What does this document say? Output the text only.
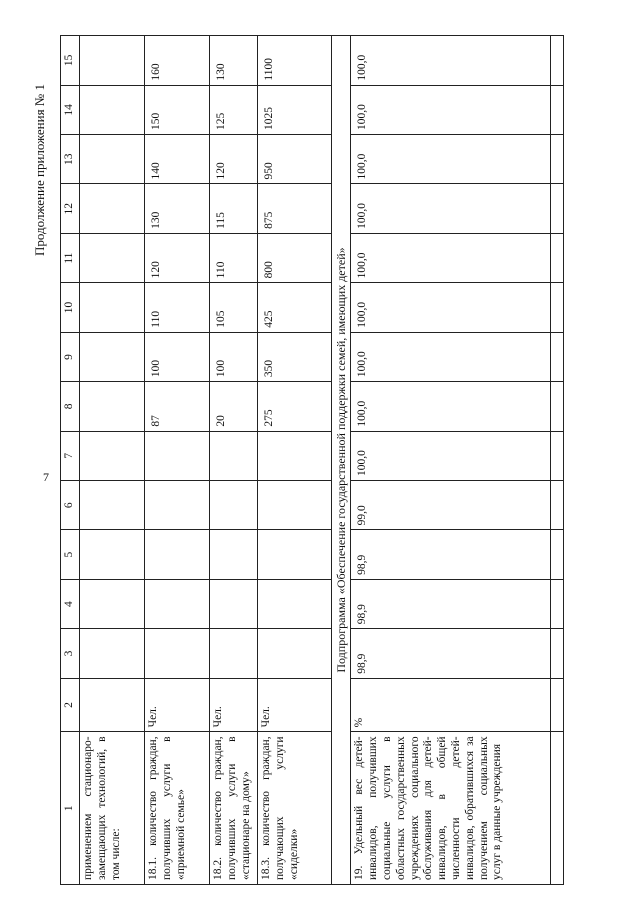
7
Продолжение приложения № 1
1	2	3	4	5	6	7	8	9	10	11	12	13	14	15
применением стационаро-замещающих технологий, в том числе:														
18.1. количество граждан, получивших услуги в «приемной семье»	Чел.						87	100	110	120	130	140	150	160
18.2. количество граждан, получивших услуги в «стационаре на дому»	Чел.						20	100	105	110	115	120	125	130
18.3. количество граждан, получающих услуги «сиделки»	Чел.						275	350	425	800	875	950	1025	1100
Подпрограмма «Обеспечение государственной поддержки семей, имеющих детей»														
19. Удельный вес детей-инвалидов, получивших социальные услуги в областных государственных учреждениях социального обслуживания для детей-инвалидов, в общей численности детей-инвалидов, обратившихся за получением социальных услуг в данные учреждения	%	98,9	98,9	98,9	99,0	100,0	100,0	100,0	100,0	100,0	100,0	100,0	100,0	100,0
